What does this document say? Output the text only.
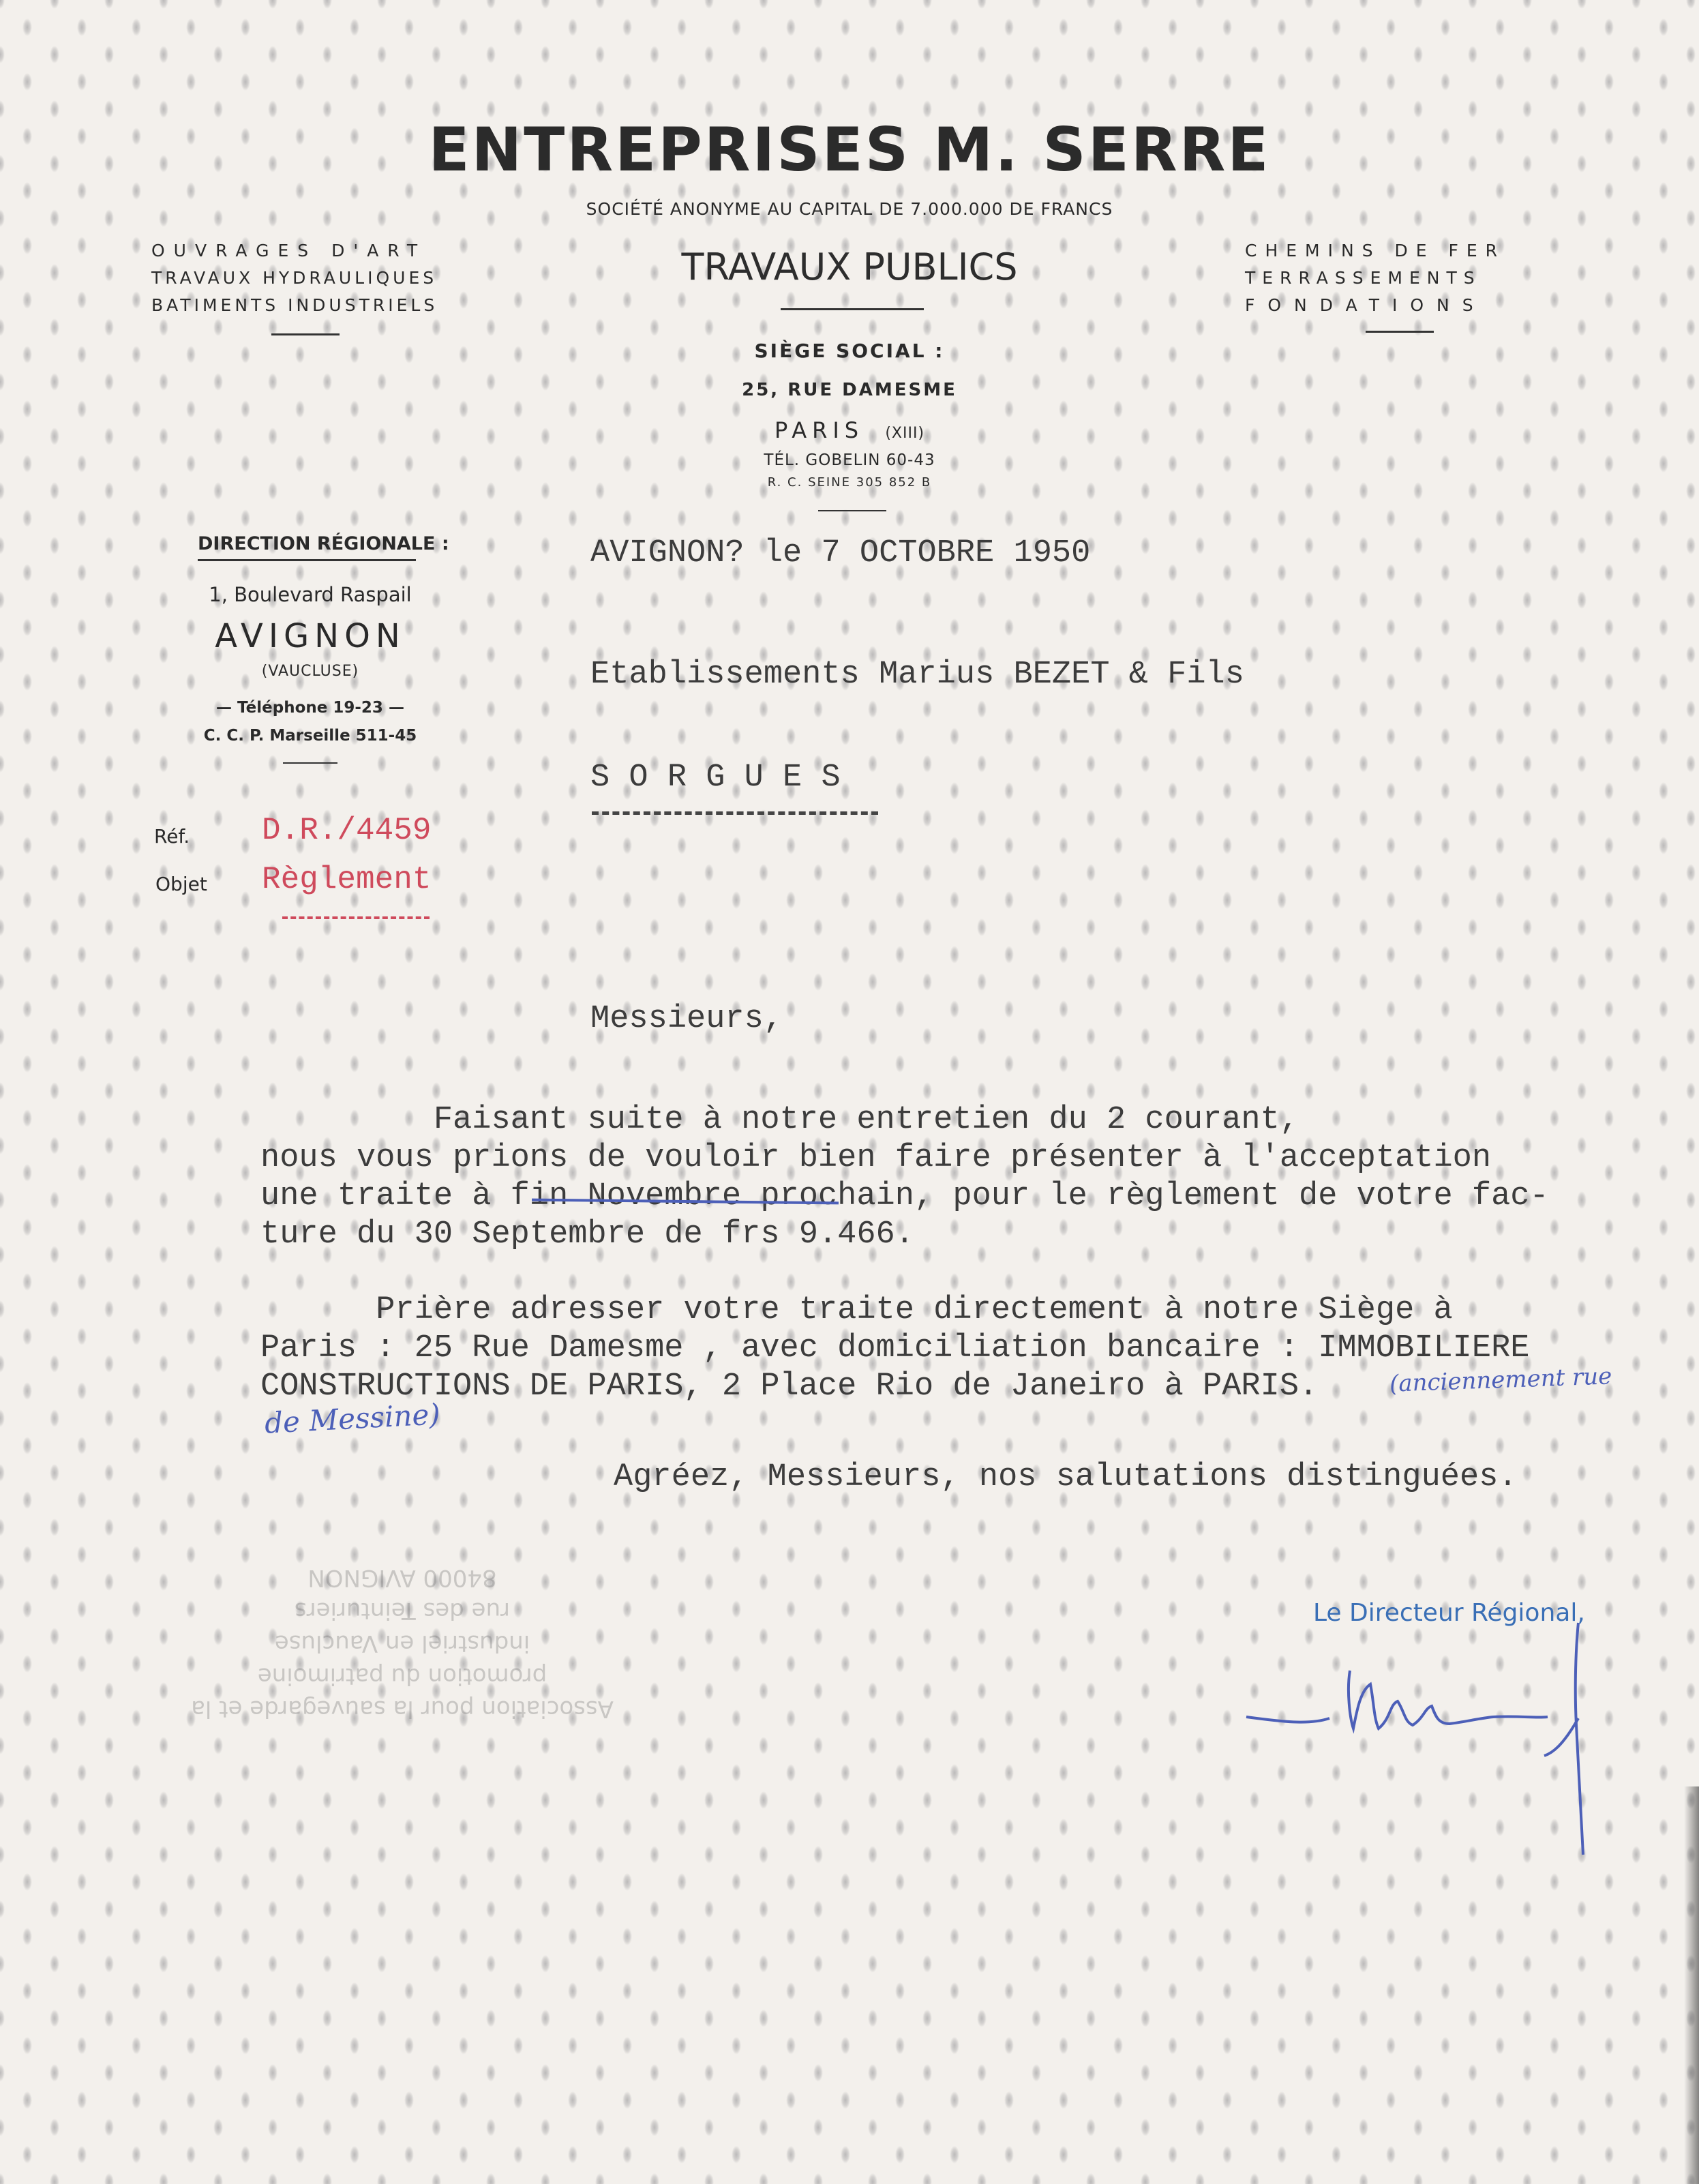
ENTREPRISES M. SERRE
SOCIÉTÉ ANONYME AU CAPITAL DE 7.000.000 DE FRANCS
TRAVAUX PUBLICS
OUVRAGES D'ART
TRAVAUX HYDRAULIQUES
BATIMENTS INDUSTRIELS
CHEMINS DE FER
TERRASSEMENTS
FONDATIONS
SIÈGE SOCIAL :
25, RUE DAMESME
PARIS (XIII)
TÉL. GOBELIN 60-43
R. C. SEINE 305 852 B
DIRECTION RÉGIONALE :
1, Boulevard Raspail
AVIGNON
(VAUCLUSE)
— Téléphone 19-23 —
C. C. P. Marseille 511-45
Réf. D.R./4459
Objet Règlement
AVIGNON? le 7 OCTOBRE 1950
Etablissements Marius BEZET & Fils
S O R G U E S
Messieurs,
Faisant suite à notre entretien du 2 courant,
nous vous prions de vouloir bien faire présenter à l'acceptation
une traite à fin Novembre prochain, pour le règlement de votre fac-
ture du 30 Septembre de frs 9.466.
Prière adresser votre traite directement à notre Siège à
Paris : 25 Rue Damesme , avec domiciliation bancaire : IMMOBILIERE
CONSTRUCTIONS DE PARIS, 2 Place Rio de Janeiro à PARIS.	(anciennement rue
de Messine)
Agréez, Messieurs, nos salutations distinguées.
Le Directeur Régional,
Association pour la sauvegarde et la
promotion du patrimoine
industriel en Vaucluse
rue des Teinturiers
84000 AVIGNON
